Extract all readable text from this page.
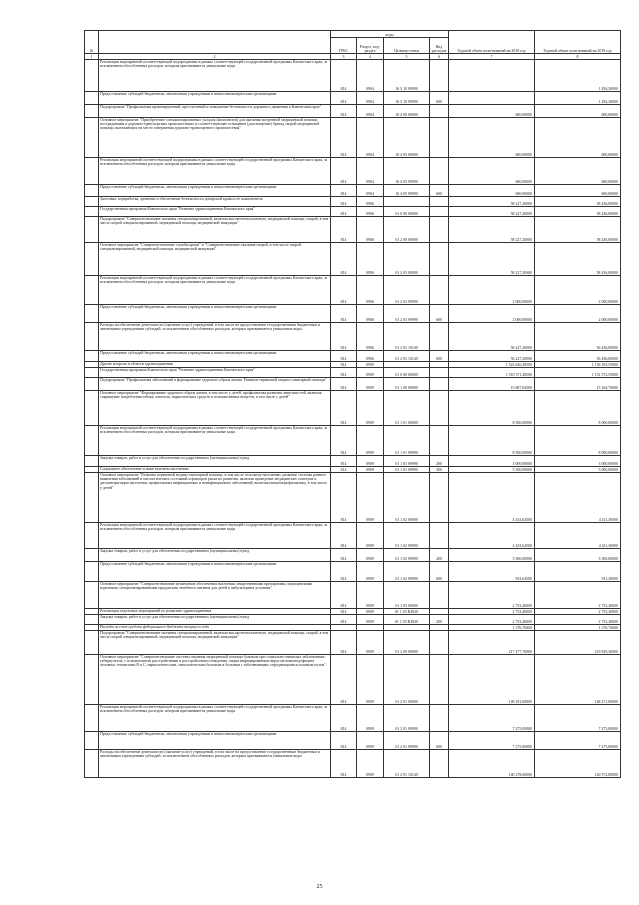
№		коды				Годовой объем ассигнований на 2018 год	Годовой объем ассигнований на 2019 год
		ГРБС	Раздел, под-раздел	Целевая статья	Вид расходов		
1	2	3	4	5	6	7	8
	Реализация мероприятий соответствующей подпрограммы в рамках соответствующей государственной программы Камчатского края, за исключением обособленных расходов, которым присваиваются уникальные коды	814	0904	16 3 10 09990			1 294,20000
	Предоставление субсидий бюджетным, автономным учреждениям и иным некоммерческим организациям	814	0904	16 3 10 09990	600		1 294,20000
	Подпрограмма "Профилактика правонарушений, преступлений и повышение безопасности дорожного движения в Камчатском крае"	814	0904	16 4 00 00000		600,00000	600,00000
	Основное мероприятие "Приобретение специализированных укладок (комплектов) для оказания экстренной медицинской помощи пострадавшим в дорожно-транспортных происшествиях и соответствующее оснащение (дооснащение) бригад скорой медицинской помощи, выезжающих на место совершения дорожно-транспортного происшествия"	814	0904	16 4 05 00000		600,00000	600,00000
	Реализация мероприятий соответствующей подпрограммы в рамках соответствующей государственной программы Камчатского края, за исключением обособленных расходов, которым присваиваются уникальные коды	814	0904	16 4 05 09990		600,00000	600,00000
	Предоставление субсидий бюджетным, автономным учреждениям и иным некоммерческим организациям	814	0904	16 4 05 09990	600	600,00000	600,00000
	Заготовка, переработка, хранение и обеспечение безопасности донорской крови и ее компонентов	814	0906			58 227,20000	58 436,00000
	Государственная программа Камчатского края "Развитие здравоохранения Камчатского края"	814	0906	01 0 00 00000		58 227,20000	58 436,00000
	Подпрограмма "Совершенствование оказания специализированной, включая высокотехнологичную, медицинской помощи, скорой, в том числе скорой специализированной, медицинской помощи, медицинской эвакуации"	814	0906	01 2 00 00000		58 227,20000	58 436,00000
	Основное мероприятие "Совершенствование службы крови" и "Совершенствование оказания скорой, в том числе скорой специализированной, медицинской помощи, медицинской эвакуации"	814	0906	01 2 03 00000		58 227,20000	58 436,00000
	Реализация мероприятий соответствующей подпрограммы в рамках соответствующей государственной программы Камчатского края, за исключением обособленных расходов, которым присваиваются уникальные коды	814	0906	01 2 03 09990		2 000,00000	2 000,00000
	Предоставление субсидий бюджетным, автономным учреждениям и иным некоммерческим организациям	814	0906	01 2 03 09990	600	2 000,00000	2 000,00000
	Расходы на обеспечение деятельности (оказание услуг) учреждений, в том числе на предоставление государственным бюджетным и автономным учреждениям субсидий, за исключением обособленных расходов, которым присваиваются уникальные коды	814	0906	01 2 03 10140		56 227,20000	56 436,00000
	Предоставление субсидий бюджетным, автономным учреждениям и иным некоммерческим организациям	814	0906	01 2 03 10140	600	56 227,20000	56 436,00000
	Другие вопросы в области здравоохранения	814	0909			1 522 626,48500	1 156 165,55000
	Государственная программа Камчатского края "Развитие здравоохранения Камчатского края"	814	0909	01 0 00 00000		1 510 371,48500	1 151 572,55000
	Подпрограмма "Профилактика заболеваний и формирование здорового образа жизни. Развитие первичной медико-санитарной помощи"	814	0909	01 1 00 00000		15 687,04500	15 164,70000
	Основное мероприятие "Формирование здорового образа жизни, в том числе у детей, профилактика развития зависимостей, включая сокращение потребления табака, алкоголя, наркотических средств и психоактивных веществ, в том числе у детей"	814	0909	01 1 01 00000		8 500,00000	8 000,00000
	Реализация мероприятий соответствующей подпрограммы в рамках соответствующей государственной программы Камчатского края, за исключением обособленных расходов, которым присваиваются уникальные коды	814	0909	01 1 01 09990		8 500,00000	8 000,00000
	Закупка товаров, работ и услуг для обеспечения государственных (муниципальных) нужд	814	0909	01 1 01 09990	200	3 000,00000	3 000,00000
	Социальное обеспечение и иные выплаты населению	814	0909	01 1 01 09990	300	5 500,00000	5 000,00000
	Основное мероприятие "Развитие первичной медико-санитарной помощи, в том числе сельскому населению, развитие системы раннего выявления заболеваний и патологических состояний и факторов риска их развития, включая проведение медицинских осмотров и диспансеризации населения, профилактика инфекционных и неинфекционных заболеваний, включая иммунопрофилактику, в том числе у детей"	814	0909	01 1 02 00000		4 433,64500	4 411,30000
	Реализация мероприятий соответствующей подпрограммы в рамках соответствующей государственной программы Камчатского края, за исключением обособленных расходов, которым присваиваются уникальные коды	814	0909	01 1 02 09990		4 433,64500	4 411,30000
	Закупка товаров, работ и услуг для обеспечения государственных (муниципальных) нужд	814	0909	01 1 02 09990	200	3 500,00000	3 500,00000
	Предоставление субсидий бюджетным, автономным учреждениям и иным некоммерческим организациям	814	0909	01 1 02 09990	600	933,64500	911,30000
	Основное мероприятие "Совершенствование механизмов обеспечения населения лекарственными препаратами, медицинскими изделиями, специализированными продуктами лечебного питания для детей в амбулаторных условиях"	814	0909	01 1 03 00000		2 753,40000	2 753,40000
	Реализация отдельных мероприятий по развитию здравоохранения	814	0909	01 1 03 R3820		2 753,40000	2 753,40000
	Закупка товаров, работ и услуг для обеспечения государственных (муниципальных) нужд	814	0909	01 1 03 R3820	200	2 753,40000	2 753,40000
	Расходы за счет средств федерального бюджета текущего года					1 376,70000	1 376,70000
	Подпрограмма "Совершенствование оказания специализированной, включая высокотехнологичную, медицинской помощи, скорой, в том числе скорой специализированной, медицинской помощи, медицинской эвакуации"	814	0909	01 2 00 00000		217 477,70000	219 829,30000
	Основное мероприятие "Совершенствование системы оказания медицинской помощи больным при социально-значимых заболеваниях: туберкулезом, с психическими расстройствами и расстройствами поведения, лицам инфицированным вирусом иммунодефицита человека, гепатитами В и С, наркологическим, онкологическим больным и больным с заболеваниями, передающимися половым путем"	814	0909	01 2 01 00000		148 191,60000	148 471,80000
	Реализация мероприятий соответствующей подпрограммы в рамках соответствующей государственной программы Камчатского края, за исключением обособленных расходов, которым присваиваются уникальные коды	814	0909	01 2 01 09990		7 275,00000	7 275,00000
	Предоставление субсидий бюджетным, автономным учреждениям и иным некоммерческим организациям	814	0909	01 2 01 09990	600	7 275,00000	7 275,00000
	Расходы на обеспечение деятельности (оказание услуг) учреждений, в том числе на предоставление государственным бюджетным и автономным учреждениям субсидий, за исключением обособленных расходов, которым присваиваются уникальные коды	814	0909	01 2 01 10140		140 278,60000	140 572,80000
25
